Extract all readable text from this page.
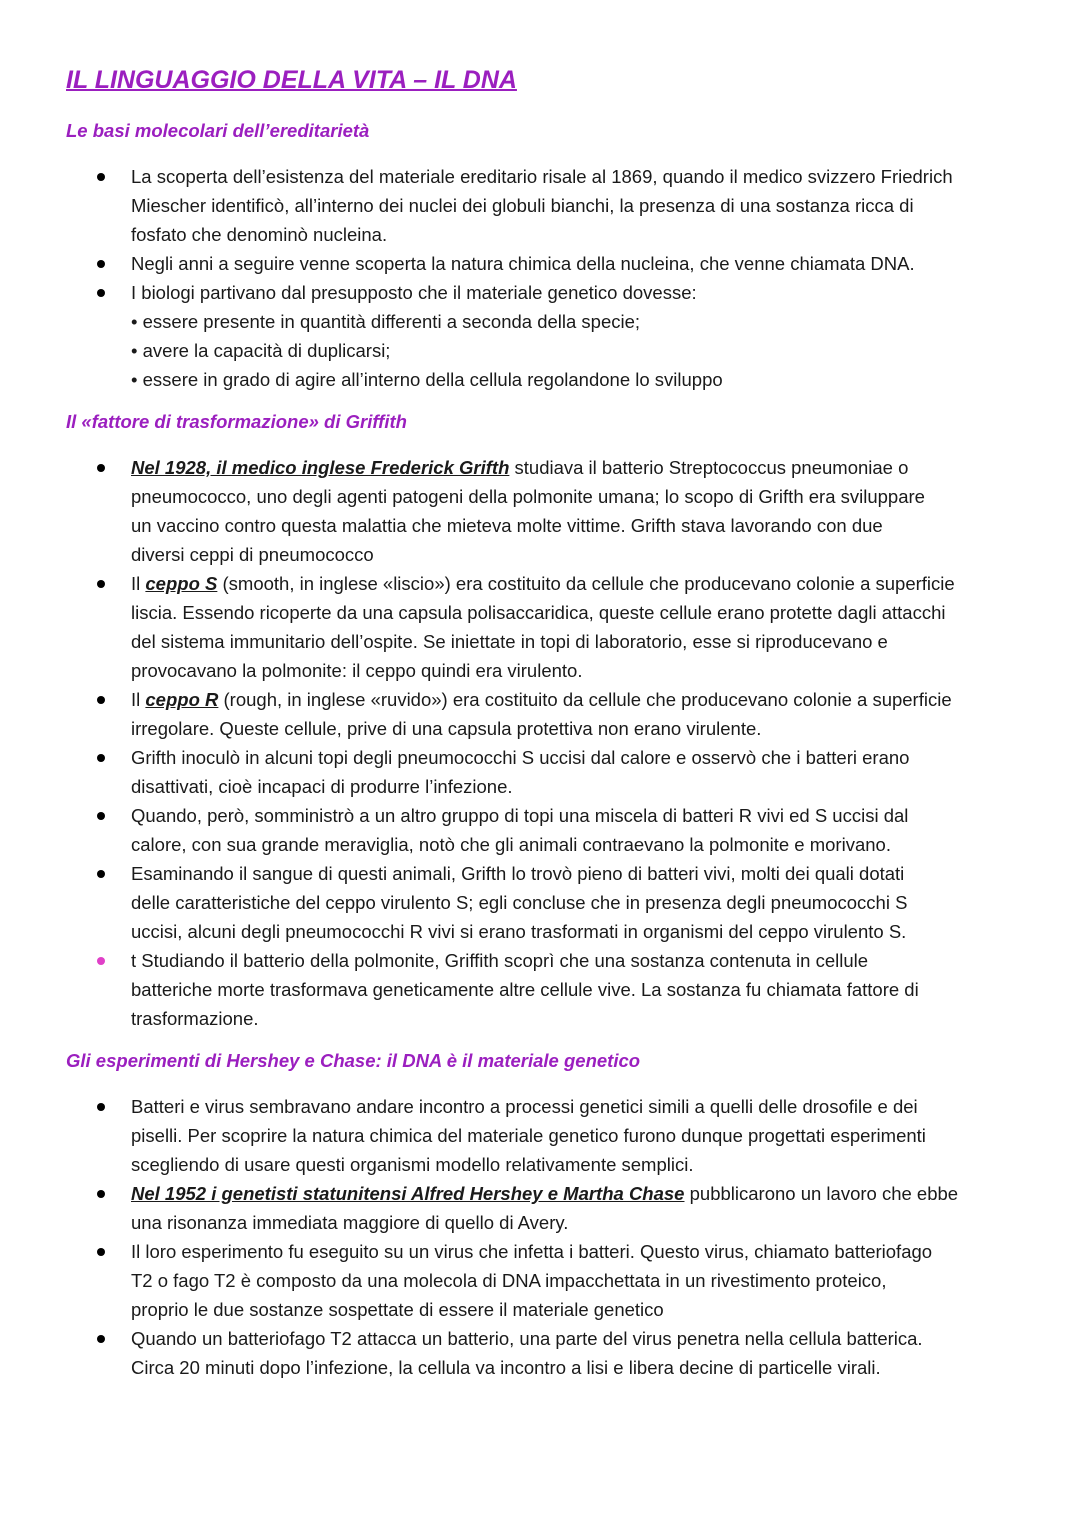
IL LINGUAGGIO DELLA VITA – IL DNA
Le basi molecolari dell’ereditarietà
La scoperta dell’esistenza del materiale ereditario risale al 1869, quando il medico svizzero Friedrich
Miescher identificò, all’interno dei nuclei dei globuli bianchi, la presenza di una sostanza ricca di
fosfato che denominò nucleina.
Negli anni a seguire venne scoperta la natura chimica della nucleina, che venne chiamata DNA.
I biologi partivano dal presupposto che il materiale genetico dovesse:
• essere presente in quantità differenti a seconda della specie;
• avere la capacità di duplicarsi;
• essere in grado di agire all’interno della cellula regolandone lo sviluppo
Il «fattore di trasformazione» di Griffith
Nel 1928, il medico inglese Frederick Grifth studiava il batterio Streptococcus pneumoniae o
pneumococco, uno degli agenti patogeni della polmonite umana; lo scopo di Grifth era sviluppare
un vaccino contro questa malattia che mieteva molte vittime. Grifth stava lavorando con due
diversi ceppi di pneumococco
Il ceppo S (smooth, in inglese «liscio») era costituito da cellule che producevano colonie a superficie
liscia. Essendo ricoperte da una capsula polisaccaridica, queste cellule erano protette dagli attacchi
del sistema immunitario dell’ospite. Se iniettate in topi di laboratorio, esse si riproducevano e
provocavano la polmonite: il ceppo quindi era virulento.
Il ceppo R (rough, in inglese «ruvido») era costituito da cellule che producevano colonie a superficie
irregolare. Queste cellule, prive di una capsula protettiva non erano virulente.
Grifth inoculò in alcuni topi degli pneumococchi S uccisi dal calore e osservò che i batteri erano
disattivati, cioè incapaci di produrre l’infezione.
Quando, però, somministrò a un altro gruppo di topi una miscela di batteri R vivi ed S uccisi dal
calore, con sua grande meraviglia, notò che gli animali contraevano la polmonite e morivano.
Esaminando il sangue di questi animali, Grifth lo trovò pieno di batteri vivi, molti dei quali dotati
delle caratteristiche del ceppo virulento S; egli concluse che in presenza degli pneumococchi S
uccisi, alcuni degli pneumococchi R vivi si erano trasformati in organismi del ceppo virulento S.
t Studiando il batterio della polmonite, Griffith scoprì che una sostanza contenuta in cellule
batteriche morte trasformava geneticamente altre cellule vive. La sostanza fu chiamata fattore di
trasformazione.
Gli esperimenti di Hershey e Chase: il DNA è il materiale genetico
Batteri e virus sembravano andare incontro a processi genetici simili a quelli delle drosofile e dei
piselli. Per scoprire la natura chimica del materiale genetico furono dunque progettati esperimenti
scegliendo di usare questi organismi modello relativamente semplici.
Nel 1952 i genetisti statunitensi Alfred Hershey e Martha Chase pubblicarono un lavoro che ebbe
una risonanza immediata maggiore di quello di Avery.
Il loro esperimento fu eseguito su un virus che infetta i batteri. Questo virus, chiamato batteriofago
T2 o fago T2 è composto da una molecola di DNA impacchettata in un rivestimento proteico,
proprio le due sostanze sospettate di essere il materiale genetico
Quando un batteriofago T2 attacca un batterio, una parte del virus penetra nella cellula batterica.
Circa 20 minuti dopo l’infezione, la cellula va incontro a lisi e libera decine di particelle virali.
